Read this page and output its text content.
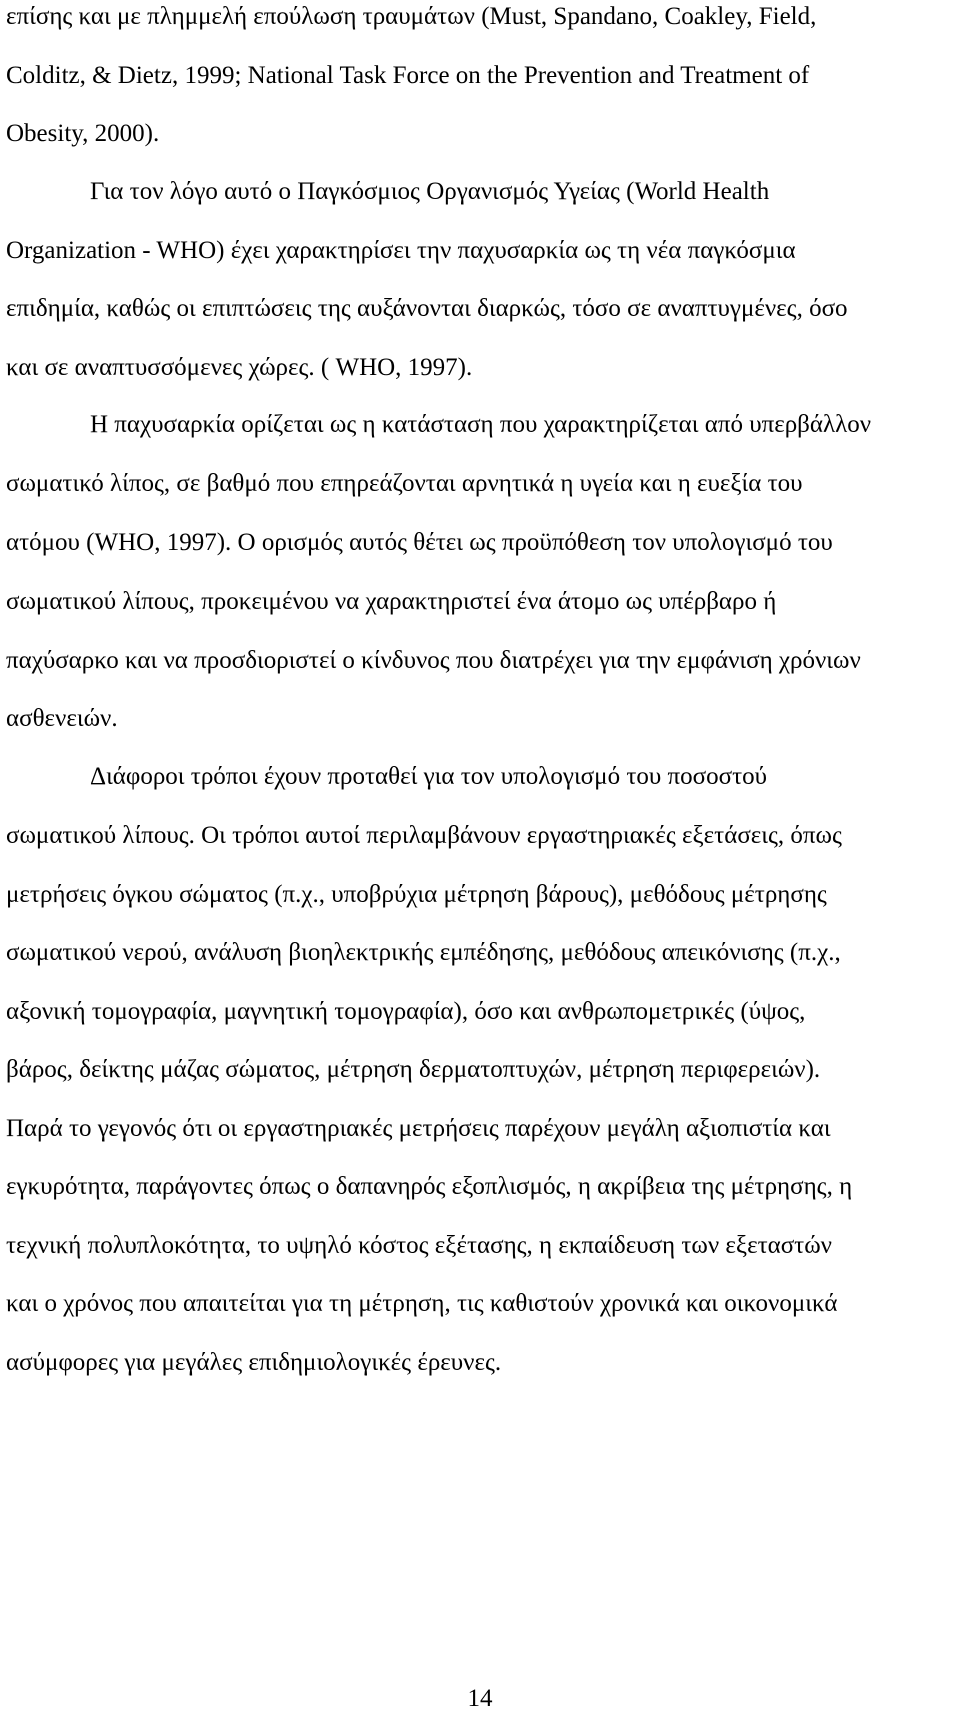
επίσης και με πλημμελή επούλωση τραυμάτων (Must, Spandano, Coakley, Field,
Colditz, & Dietz, 1999; National Task Force on the Prevention and Treatment of
Obesity, 2000).
Για τον λόγο αυτό ο Παγκόσμιος Οργανισμός Υγείας (World Health
Organization - WHO) έχει χαρακτηρίσει την παχυσαρκία ως τη νέα παγκόσμια
επιδημία, καθώς οι επιπτώσεις της αυξάνονται διαρκώς, τόσο σε αναπτυγμένες, όσο
και σε αναπτυσσόμενες χώρες. ( WHO, 1997).
Η παχυσαρκία ορίζεται ως η κατάσταση που χαρακτηρίζεται από υπερβάλλον
σωματικό λίπος, σε βαθμό που επηρεάζονται αρνητικά η υγεία και η ευεξία του
ατόμου (WHO, 1997). Ο ορισμός αυτός θέτει ως προϋπόθεση τον υπολογισμό του
σωματικού λίπους, προκειμένου να χαρακτηριστεί ένα άτομο ως υπέρβαρο ή
παχύσαρκο και να προσδιοριστεί ο κίνδυνος που διατρέχει για την εμφάνιση χρόνιων
ασθενειών.
Διάφοροι τρόποι έχουν προταθεί για τον υπολογισμό του ποσοστού
σωματικού λίπους. Οι τρόποι αυτοί περιλαμβάνουν εργαστηριακές εξετάσεις, όπως
μετρήσεις όγκου σώματος (π.χ., υποβρύχια μέτρηση βάρους), μεθόδους μέτρησης
σωματικού νερού, ανάλυση βιοηλεκτρικής εμπέδησης, μεθόδους απεικόνισης (π.χ.,
αξονική τομογραφία, μαγνητική τομογραφία), όσο και ανθρωπομετρικές (ύψος,
βάρος, δείκτης μάζας σώματος, μέτρηση δερματοπτυχών, μέτρηση περιφερειών).
Παρά το γεγονός ότι οι εργαστηριακές μετρήσεις παρέχουν μεγάλη αξιοπιστία και
εγκυρότητα, παράγοντες όπως ο δαπανηρός εξοπλισμός, η ακρίβεια της μέτρησης, η
τεχνική πολυπλοκότητα, το υψηλό κόστος εξέτασης, η εκπαίδευση των εξεταστών
και ο χρόνος που απαιτείται για τη μέτρηση, τις καθιστούν χρονικά και οικονομικά
ασύμφορες για μεγάλες επιδημιολογικές έρευνες.
14
